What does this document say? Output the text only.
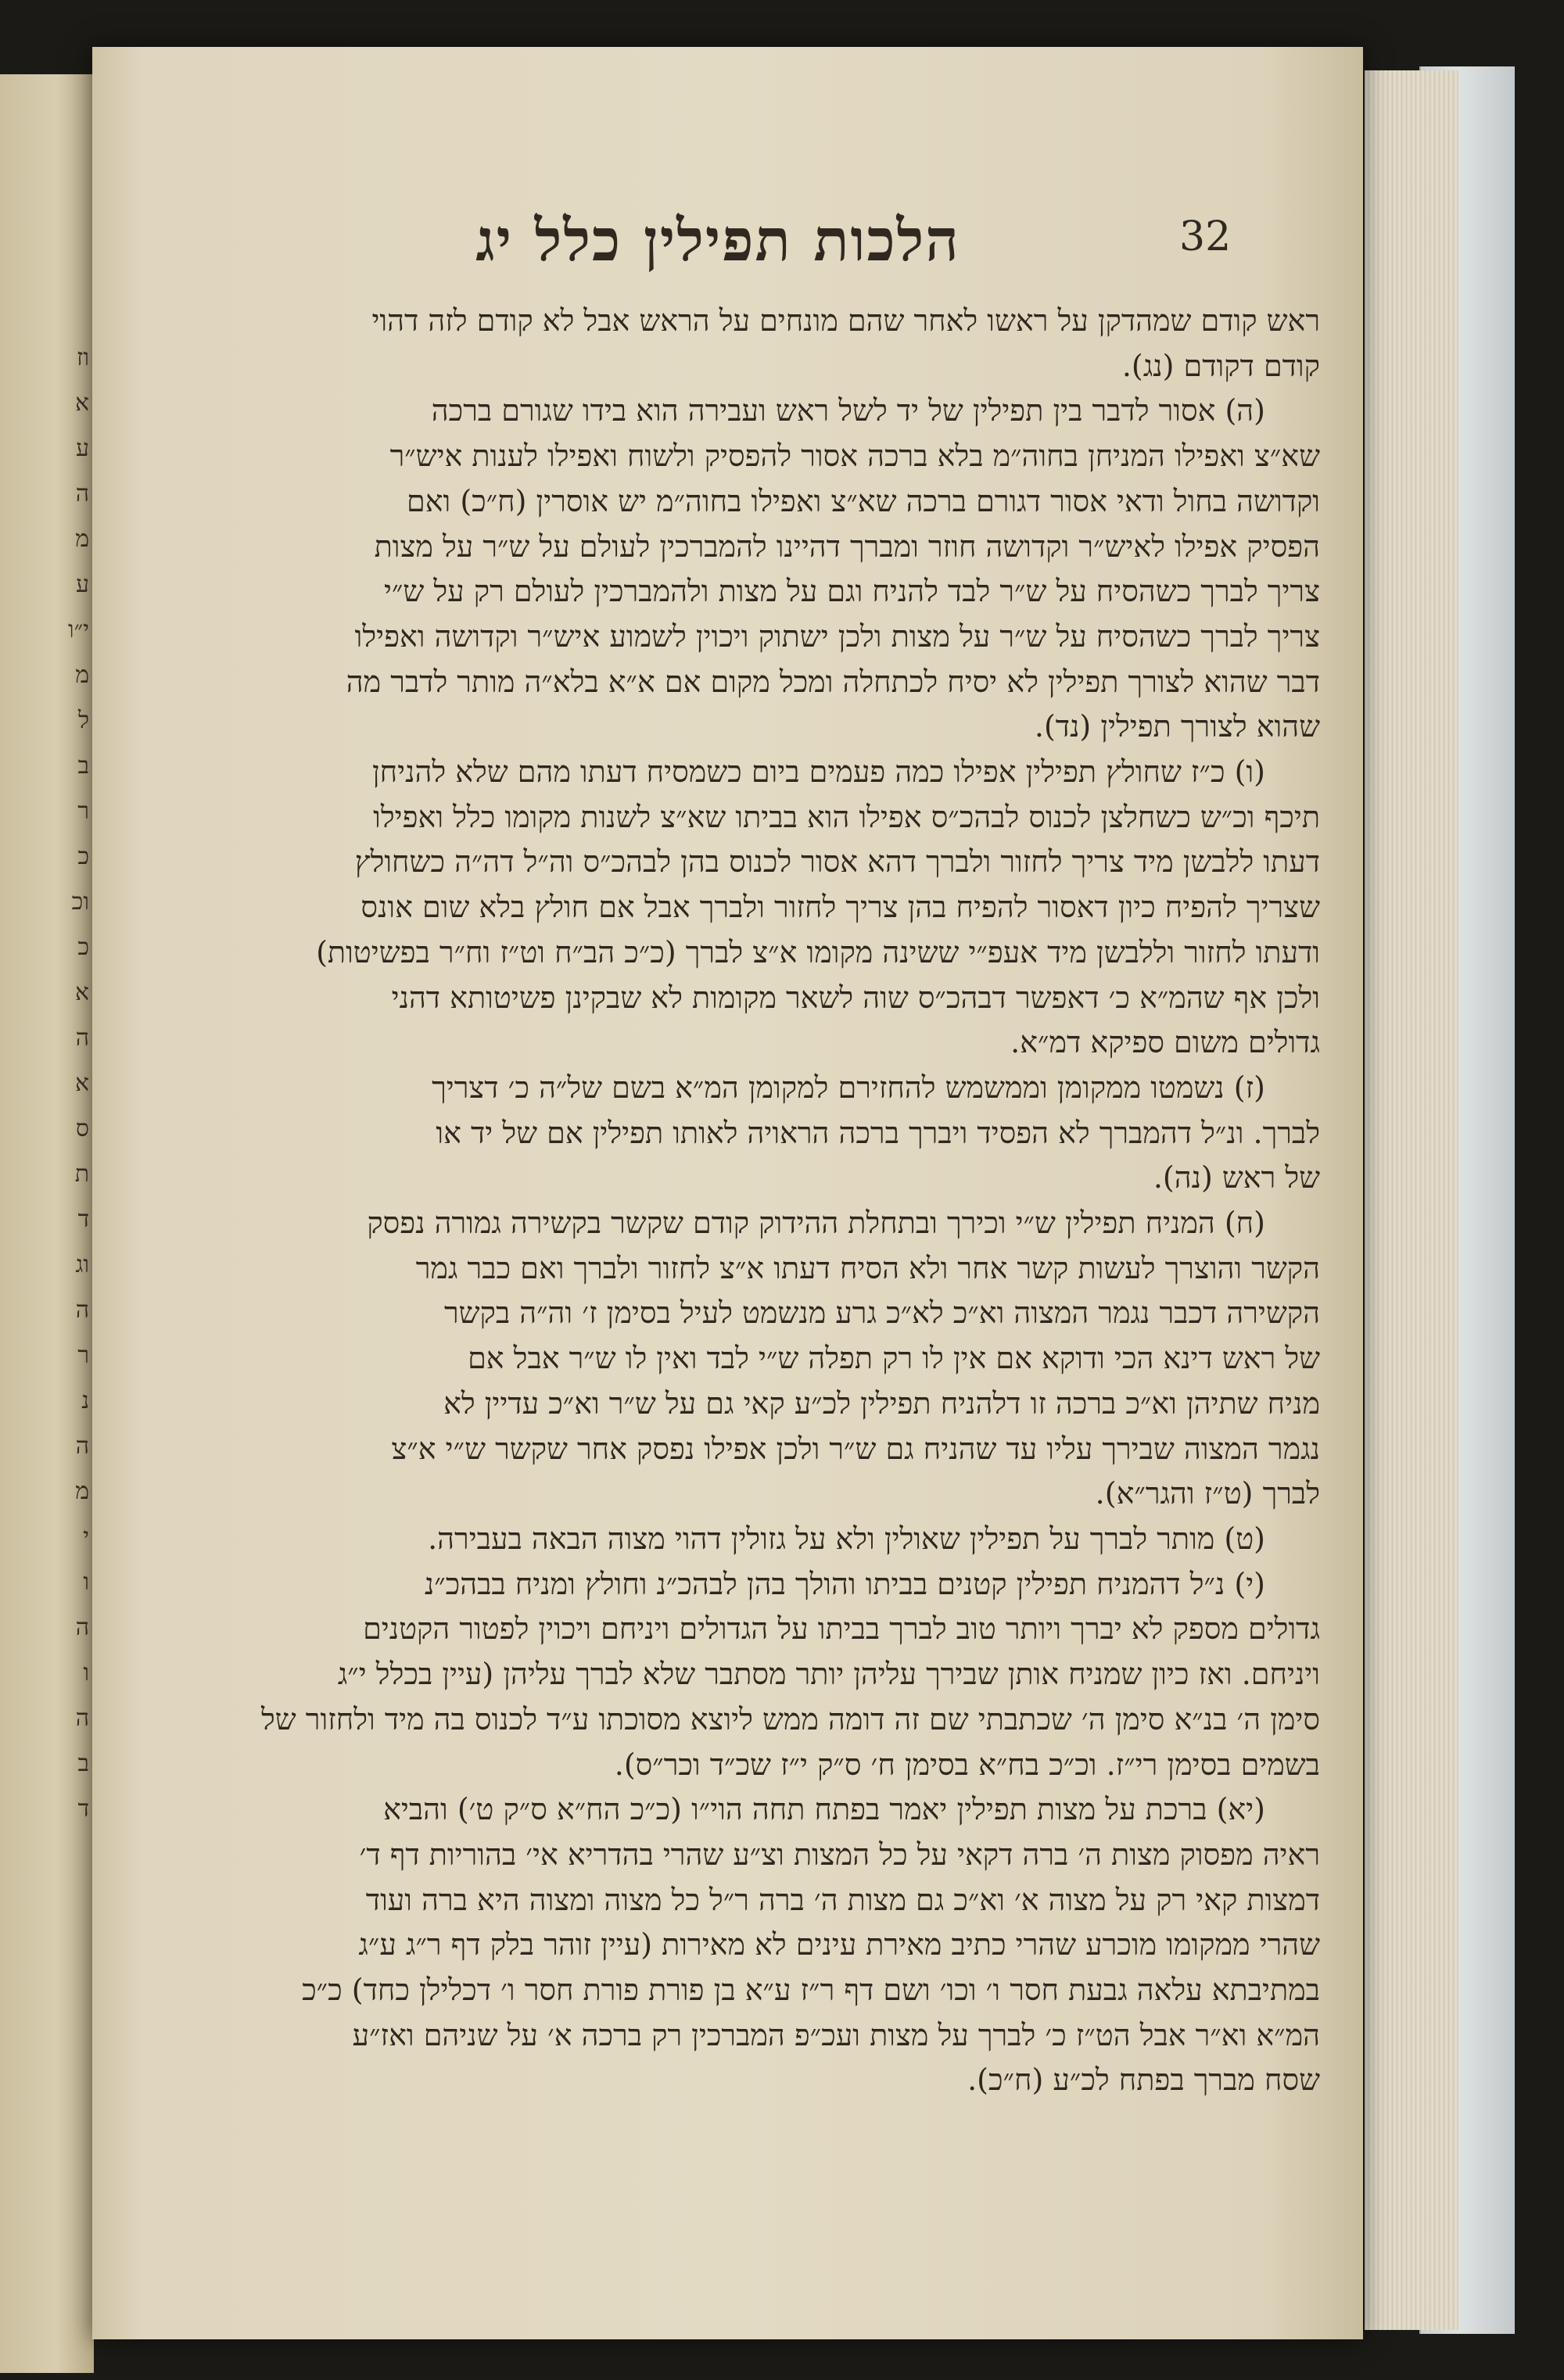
וז
א
ע
ה
מ
ע
י״ו
מ
ל
ב
ר
כ
וכ
כ
א
ה
א
ס
ת
ד
וג
ה
ר
נ
ה
מ
י
ו
ה
ו
ה
ב
ד
הלכות תפילין כלל יג	32
ראש קודם שמהדקן על ראשו לאחר שהם מונחים על הראש אבל לא קודם לזה דהוי
קודם דקודם (נג).
(ה) אסור לדבר בין תפילין של יד לשל ראש ועבירה הוא בידו שגורם ברכה
שא״צ ואפילו המניחן בחוה״מ בלא ברכה אסור להפסיק ולשוח ואפילו לענות איש״ר
וקדושה בחול ודאי אסור דגורם ברכה שא״צ ואפילו בחוה״מ יש אוסרין (ח״כ) ואם
הפסיק אפילו לאיש״ר וקדושה חוזר ומברך דהיינו להמברכין לעולם על ש״ר על מצות
צריך לברך כשהסיח על ש״ר לבד להניח וגם על מצות ולהמברכין לעולם רק על ש״י
צריך לברך כשהסיח על ש״ר על מצות ולכן ישתוק ויכוין לשמוע איש״ר וקדושה ואפילו
דבר שהוא לצורך תפילין לא יסיח לכתחלה ומכל מקום אם א״א בלא״ה מותר לדבר מה
שהוא לצורך תפילין (נד).
(ו) כ״ז שחולץ תפילין אפילו כמה פעמים ביום כשמסיח דעתו מהם שלא להניחן
תיכף וכ״ש כשחלצן לכנוס לבהכ״ס אפילו הוא בביתו שא״צ לשנות מקומו כלל ואפילו
דעתו ללבשן מיד צריך לחזור ולברך דהא אסור לכנוס בהן לבהכ״ס וה״ל דה״ה כשחולץ
שצריך להפיח כיון דאסור להפיח בהן צריך לחזור ולברך אבל אם חולץ בלא שום אונס
ודעתו לחזור וללבשן מיד אעפ״י ששינה מקומו א״צ לברך (כ״כ הב״ח וט״ז וח״ר בפשיטות)
ולכן אף שהמ״א כ׳ דאפשר דבהכ״ס שוה לשאר מקומות לא שבקינן פשיטותא דהני
גדולים משום ספיקא דמ״א.
(ז) נשמטו ממקומן וממשמש להחזירם למקומן המ״א בשם של״ה כ׳ דצריך
לברך. ונ״ל דהמברך לא הפסיד ויברך ברכה הראויה לאותו תפילין אם של יד או
של ראש (נה).
(ח) המניח תפילין ש״י וכירך ובתחלת ההידוק קודם שקשר בקשירה גמורה נפסק
הקשר והוצרך לעשות קשר אחר ולא הסיח דעתו א״צ לחזור ולברך ואם כבר גמר
הקשירה דכבר נגמר המצוה וא״כ לא״כ גרע מנשמט לעיל בסימן ז׳ וה״ה בקשר
של ראש דינא הכי ודוקא אם אין לו רק תפלה ש״י לבד ואין לו ש״ר אבל אם
מניח שתיהן וא״כ ברכה זו דלהניח תפילין לכ״ע קאי גם על ש״ר וא״כ עדיין לא
נגמר המצוה שבירך עליו עד שהניח גם ש״ר ולכן אפילו נפסק אחר שקשר ש״י א״צ
לברך (ט״ז והגר״א).
(ט) מותר לברך על תפילין שאולין ולא על גזולין דהוי מצוה הבאה בעבירה.
(י) נ״ל דהמניח תפילין קטנים בביתו והולך בהן לבהכ״נ וחולץ ומניח בבהכ״נ
גדולים מספק לא יברך ויותר טוב לברך בביתו על הגדולים ויניחם ויכוין לפטור הקטנים
ויניחם. ואז כיון שמניח אותן שבירך עליהן יותר מסתבר שלא לברך עליהן (עיין בכלל י״ג
סימן ה׳ בנ״א סימן ה׳ שכתבתי שם זה דומה ממש ליוצא מסוכתו ע״ד לכנוס בה מיד ולחזור של
בשמים בסימן רי״ז. וכ״כ בח״א בסימן ח׳ ס״ק י״ז שכ״ד וכר״ס).
(יא) ברכת על מצות תפילין יאמר בפתח תחה הוי״ו (כ״כ הח״א ס״ק ט׳) והביא
ראיה מפסוק מצות ה׳ ברה דקאי על כל המצות וצ״ע שהרי בהדריא אי׳ בהוריות דף ד׳
דמצות קאי רק על מצוה א׳ וא״כ גם מצות ה׳ ברה ר״ל כל מצוה ומצוה היא ברה ועוד
שהרי ממקומו מוכרע שהרי כתיב מאירת עינים לא מאירות (עיין זוהר בלק דף ר״ג ע״ג
במתיבתא עלאה גבעת חסר ו׳ וכו׳ ושם דף ר״ז ע״א בן פורת פורת חסר ו׳ דכלילן כחד) כ״כ
המ״א וא״ר אבל הט״ז כ׳ לברך על מצות ועכ״פ המברכין רק ברכה א׳ על שניהם ואז״ע
שסח מברך בפתח לכ״ע (ח״כ).
